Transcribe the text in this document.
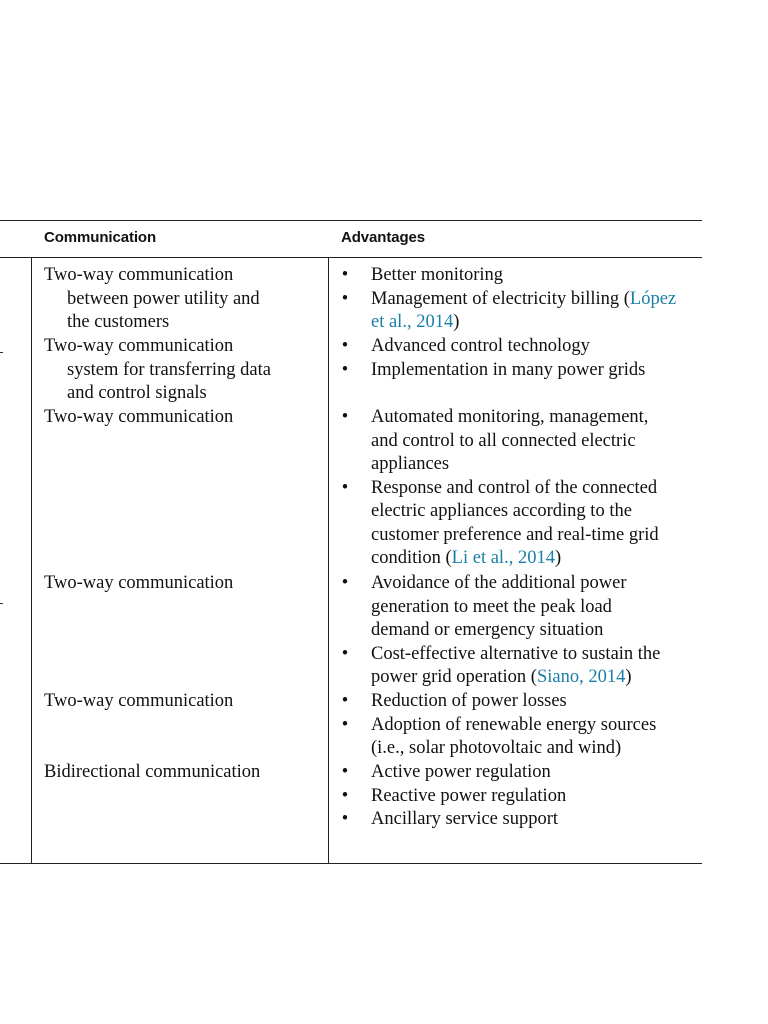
Communication	Advantages
Two-way communication
between power utility and
the customers
Two-way communication
system for transferring data
and control signals
Two-way communication
Two-way communication
Two-way communication
Bidirectional communication
• Better monitoring
• Management of electricity billing (López
et al., 2014)
• Advanced control technology
• Implementation in many power grids
• Automated monitoring, management,
and control to all connected electric
appliances
• Response and control of the connected
electric appliances according to the
customer preference and real-time grid
condition (Li et al., 2014)
• Avoidance of the additional power
generation to meet the peak load
demand or emergency situation
• Cost-effective alternative to sustain the
power grid operation (Siano, 2014)
• Reduction of power losses
• Adoption of renewable energy sources
(i.e., solar photovoltaic and wind)
• Active power regulation
• Reactive power regulation
• Ancillary service support
